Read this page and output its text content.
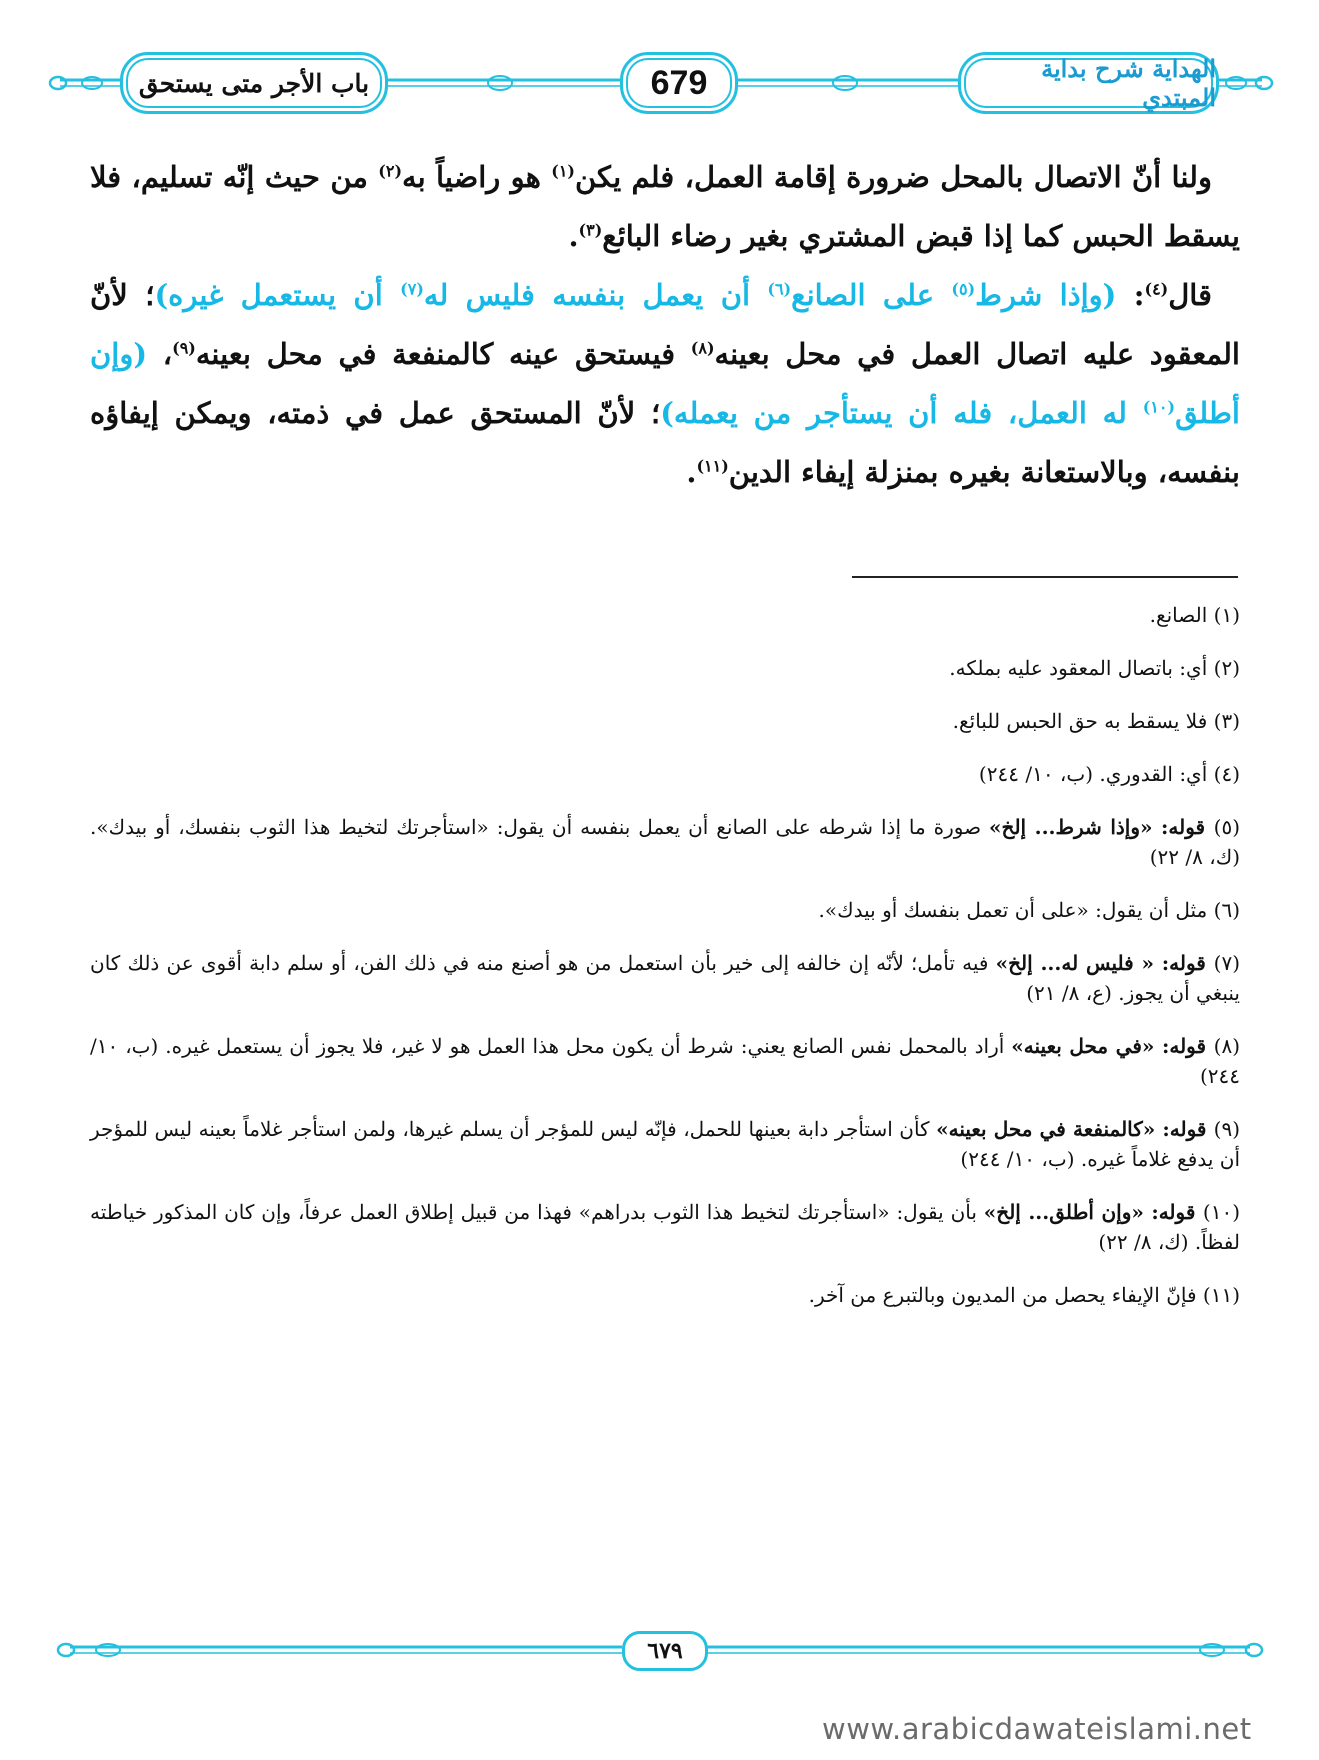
باب الأجر متى يستحق	679	الهداية شرح بداية المبتدي

ولنا أنّ الاتصال بالمحل ضرورة إقامة العمل، فلم يكن$^{(١)}$ هو راضياً به$^{(٢)}$ من حيث إنّه تسليم، فلا يسقط الحبس كما إذا قبض المشتري بغير رضاء البائع$^{(٣)}$.

قال$^{(٤)}$: (وإذا شرط$^{(٥)}$ على الصانع$^{(٦)}$ أن يعمل بنفسه فليس له$^{(٧)}$ أن يستعمل غيره)؛ لأنّ المعقود عليه اتصال العمل في محل بعينه$^{(٨)}$ فيستحق عينه كالمنفعة في محل بعينه$^{(٩)}$، (وإن أطلق$^{(١٠)}$ له العمل، فله أن يستأجر من يعمله)؛ لأنّ المستحق عمل في ذمته، ويمكن إيفاؤه بنفسه، وبالاستعانة بغيره بمنزلة إيفاء الدين$^{(١١)}$.

(١) الصانع.

(٢) أي: باتصال المعقود عليه بملكه.

(٣) فلا يسقط به حق الحبس للبائع.

(٤) أي: القدوري. (ب، ١٠/ ٢٤٤)

(٥) قوله: «وإذا شرط... إلخ» صورة ما إذا شرطه على الصانع أن يعمل بنفسه أن يقول: «استأجرتك لتخيط هذا الثوب بنفسك، أو بيدك». (ك، ٨/ ٢٢)

(٦) مثل أن يقول: «على أن تعمل بنفسك أو بيدك».

(٧) قوله: « فليس له... إلخ» فيه تأمل؛ لأنّه إن خالفه إلى خير بأن استعمل من هو أصنع منه في ذلك الفن، أو سلم دابة أقوى عن ذلك كان ينبغي أن يجوز. (ع، ٨/ ٢١)

(٨) قوله: «في محل بعينه» أراد بالمحمل نفس الصانع يعني: شرط أن يكون محل هذا العمل هو لا غير، فلا يجوز أن يستعمل غيره. (ب، ١٠/ ٢٤٤)

(٩) قوله: «كالمنفعة في محل بعينه» كأن استأجر دابة بعينها للحمل، فإنّه ليس للمؤجر أن يسلم غيرها، ولمن استأجر غلاماً بعينه ليس للمؤجر أن يدفع غلاماً غيره. (ب، ١٠/ ٢٤٤)

(١٠) قوله: «وإن أطلق... إلخ» بأن يقول: «استأجرتك لتخيط هذا الثوب بدراهم» فهذا من قبيل إطلاق العمل عرفاً، وإن كان المذكور خياطته لفظاً. (ك، ٨/ ٢٢)

(١١) فإنّ الإيفاء يحصل من المديون وبالتبرع من آخر.

٦٧٩
www.arabicdawateislami.net
